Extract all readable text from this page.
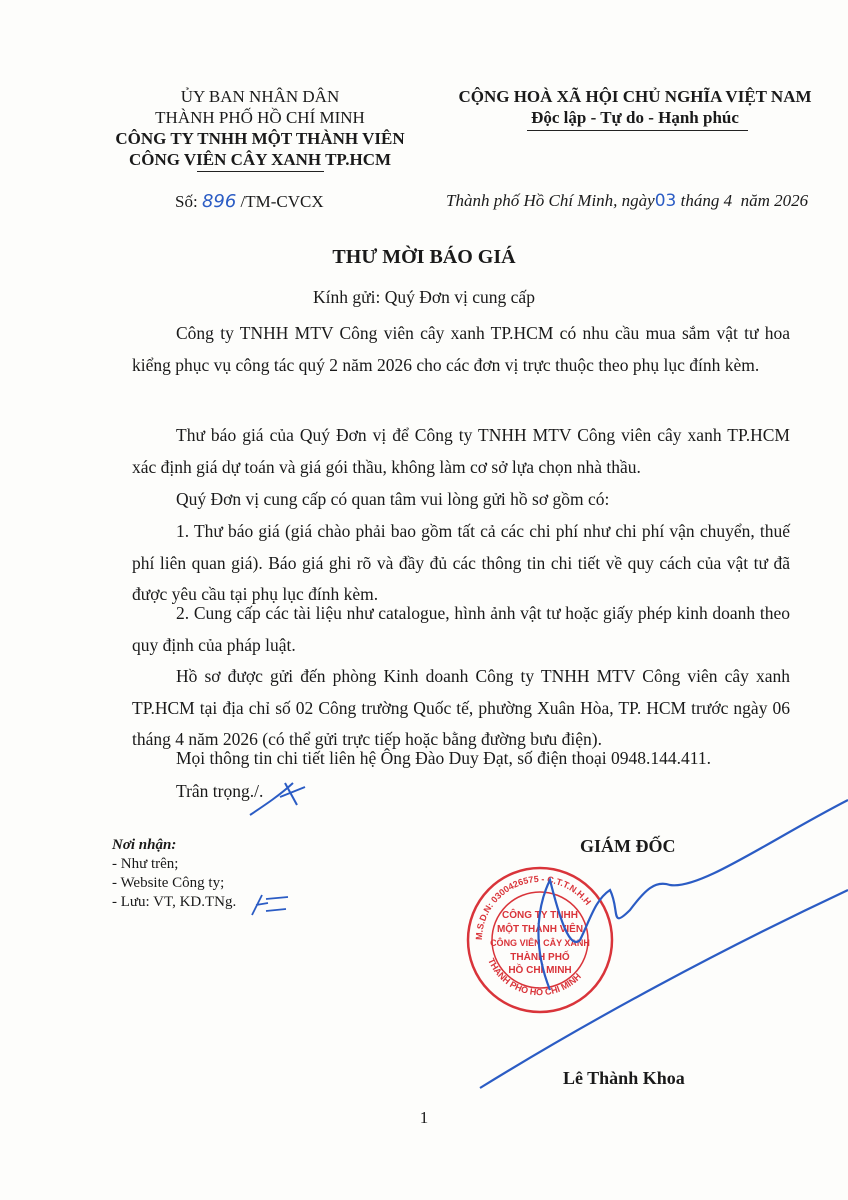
ỦY BAN NHÂN DÂN
THÀNH PHỐ HỒ CHÍ MINH
CÔNG TY TNHH MỘT THÀNH VIÊN
CÔNG VIÊN CÂY XANH TP.HCM
CỘNG HOÀ XÃ HỘI CHỦ NGHĨA VIỆT NAM
Độc lập - Tự do - Hạnh phúc
Số: 896 /TM-CVCX	Thành phố Hồ Chí Minh, ngày03 tháng 4  năm 2026
THƯ MỜI BÁO GIÁ
Kính gửi: Quý Đơn vị cung cấp
Công ty TNHH MTV Công viên cây xanh TP.HCM có nhu cầu mua sắm vật tư hoa kiểng phục vụ công tác quý 2 năm 2026 cho các đơn vị trực thuộc theo phụ lục đính kèm.
Thư báo giá của Quý Đơn vị để Công ty TNHH MTV Công viên cây xanh TP.HCM xác định giá dự toán và giá gói thầu, không làm cơ sở lựa chọn nhà thầu.
Quý Đơn vị cung cấp có quan tâm vui lòng gửi hồ sơ gồm có:
1. Thư báo giá (giá chào phải bao gồm tất cả các chi phí như chi phí vận chuyển, thuế phí liên quan giá). Báo giá ghi rõ và đầy đủ các thông tin chi tiết về quy cách của vật tư đã được yêu cầu tại phụ lục đính kèm.
2. Cung cấp các tài liệu như catalogue, hình ảnh vật tư hoặc giấy phép kinh doanh theo quy định của pháp luật.
Hồ sơ được gửi đến phòng Kinh doanh Công ty TNHH MTV Công viên cây xanh TP.HCM tại địa chỉ số 02 Công trường Quốc tế, phường Xuân Hòa, TP. HCM trước ngày 06 tháng 4 năm 2026 (có thể gửi trực tiếp hoặc bằng đường bưu điện).
Mọi thông tin chi tiết liên hệ Ông Đào Duy Đạt, số điện thoại 0948.144.411.
Trân trọng./.
Nơi nhận:
- Như trên;
- Website Công ty;
- Lưu: VT, KD.TNg.
GIÁM ĐỐC
CÔNG TY TNHH
MỘT THÀNH VIÊN
CÔNG VIÊN CÂY XANH
THÀNH PHỐ
HỒ CHÍ MINH
M.S.D.N: 0300426575 - C.T.T.N.H.H
THÀNH PHỐ HỒ CHÍ MINH
Lê Thành Khoa
1
